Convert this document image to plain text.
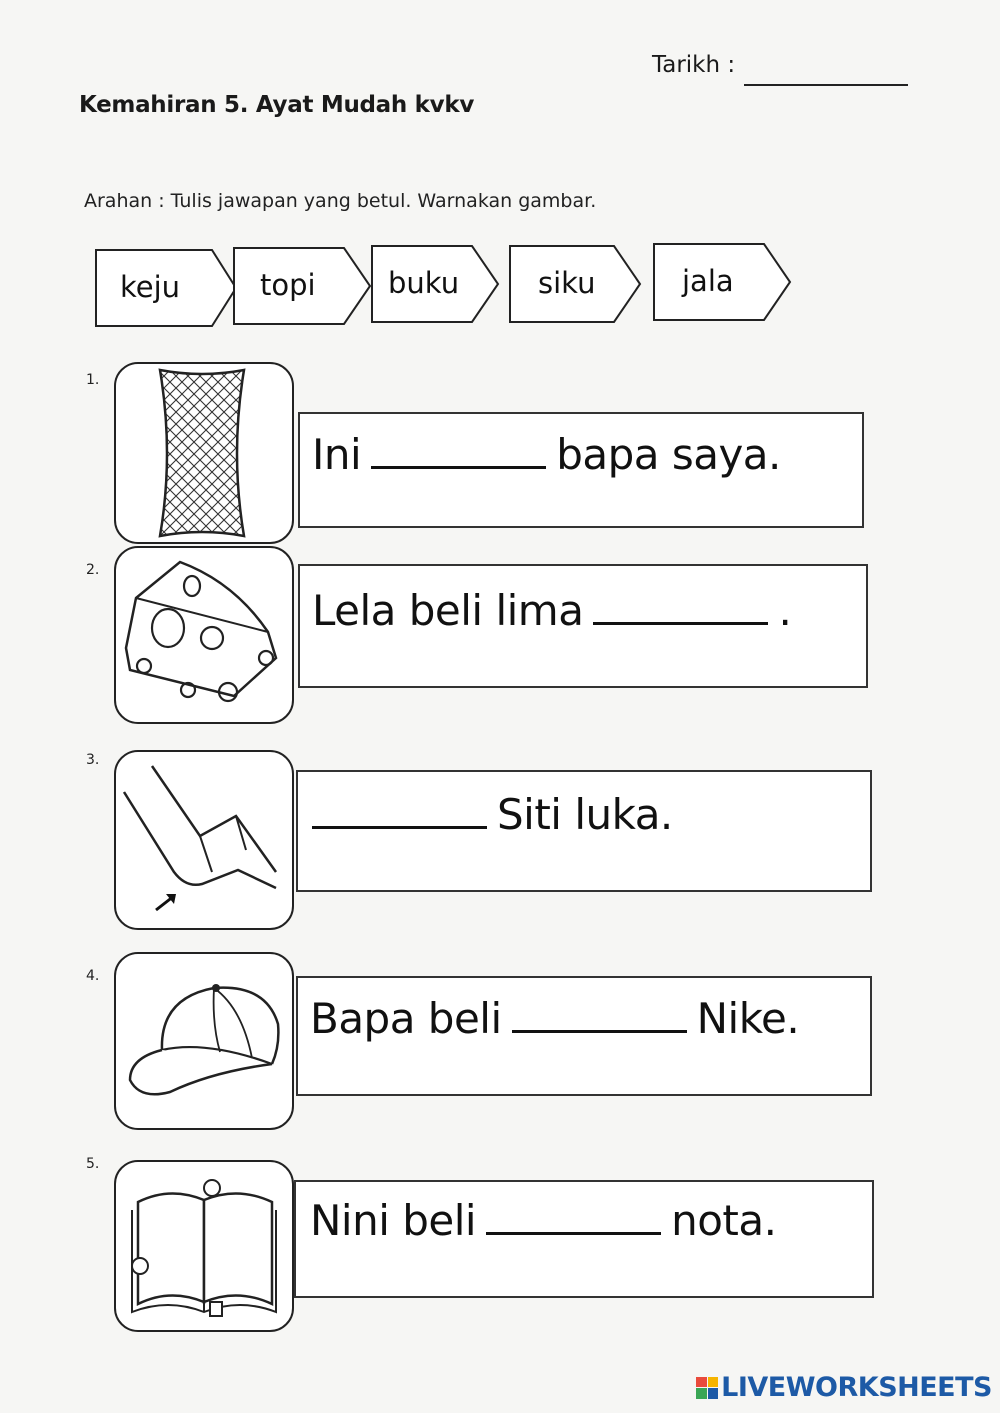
Tarikh :
Kemahiran 5. Ayat Mudah kvkv
Arahan : Tulis jawapan yang betul. Warnakan gambar.
keju	topi buku	siku	jala
1.
Ini	bapa saya.
2.
Lela beli lima	.
3.
Siti luka.
4.
Bapa beli	Nike.
5.
Nini beli	nota.
LIVEWORKSHEETS
